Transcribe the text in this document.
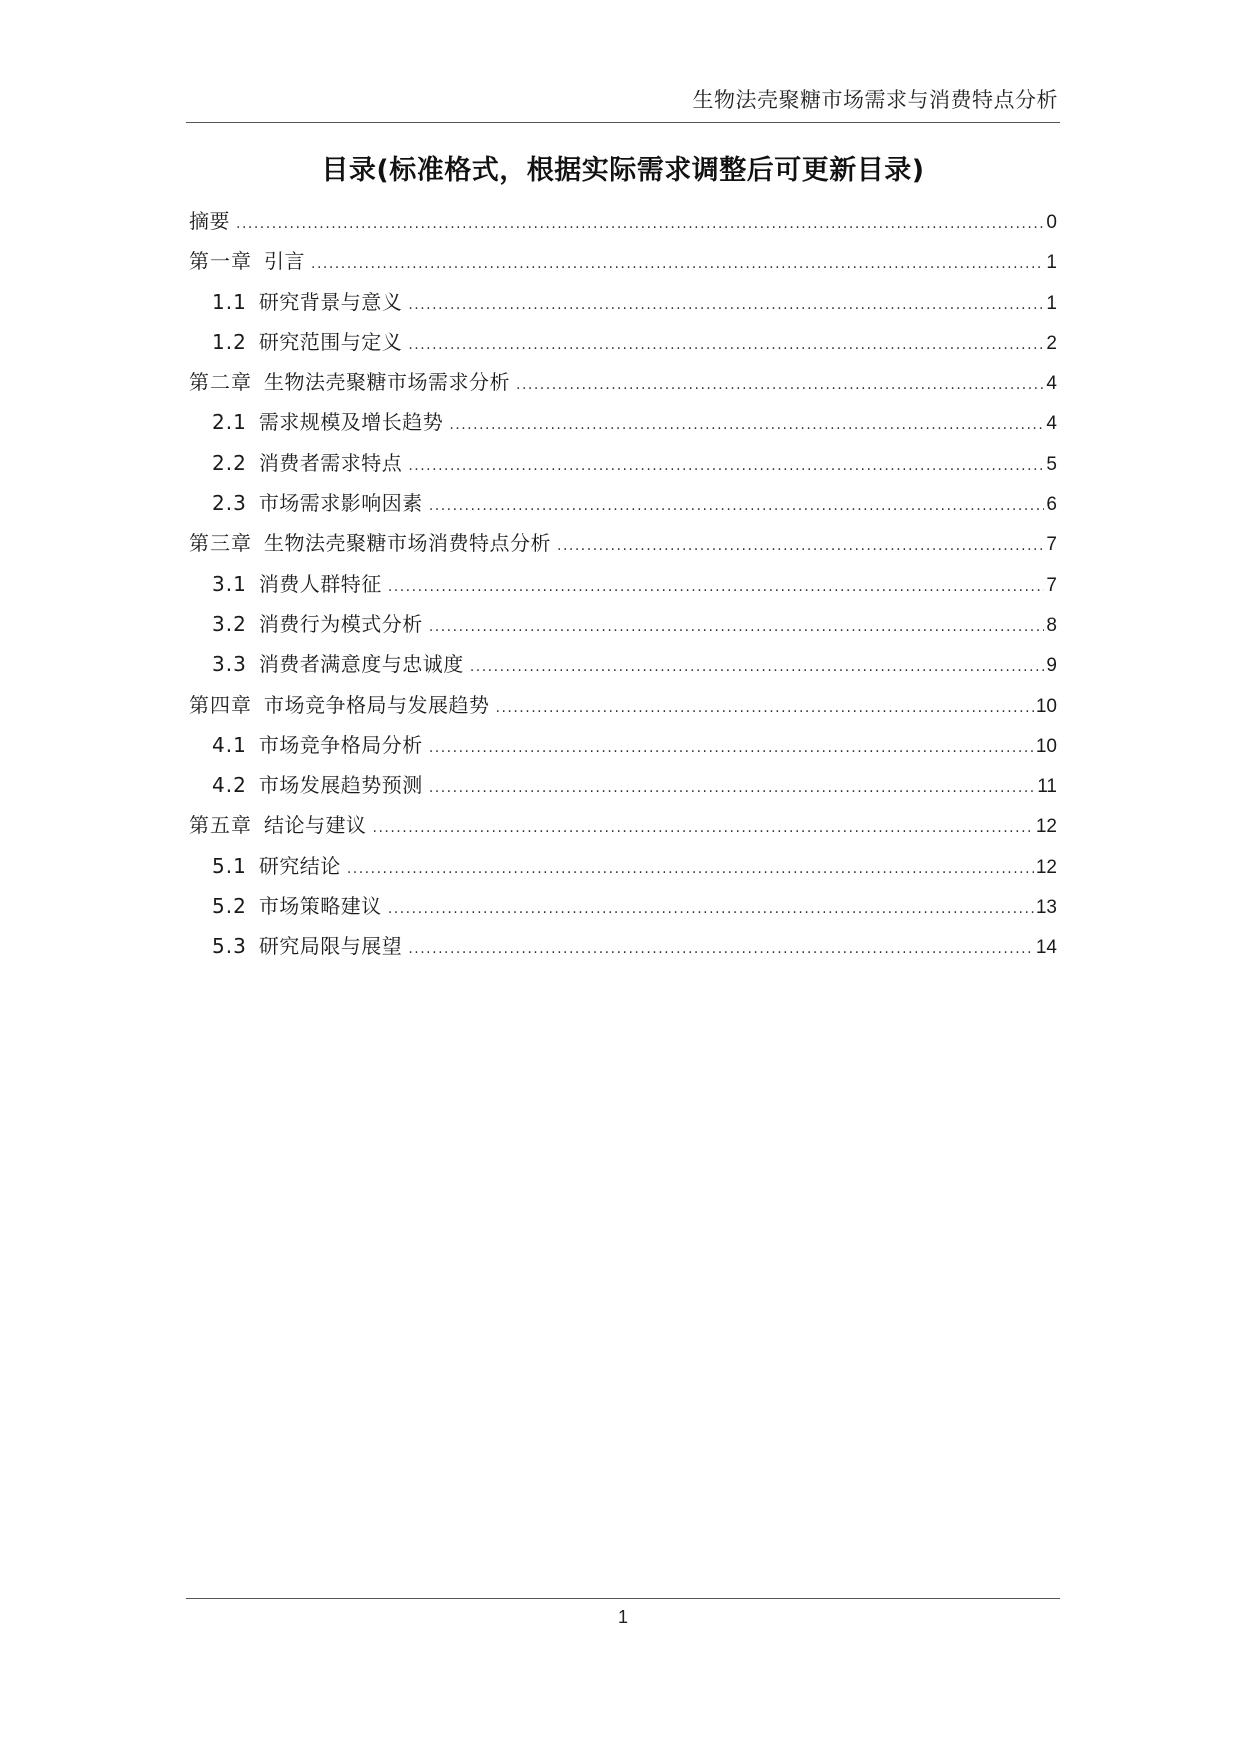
生物法壳聚糖市场需求与消费特点分析
目录(标准格式，根据实际需求调整后可更新目录)
摘要 .....	0
第一章 引言 .....	1
1.1 研究背景与意义 .....	1
1.2 研究范围与定义 .....	2
第二章 生物法壳聚糖市场需求分析 .....	4
2.1 需求规模及增长趋势 .....	4
2.2 消费者需求特点 .....	5
2.3 市场需求影响因素 .....	6
第三章 生物法壳聚糖市场消费特点分析 .....	7
3.1 消费人群特征 .....	7
3.2 消费行为模式分析 .....	8
3.3 消费者满意度与忠诚度 .....	9
第四章 市场竞争格局与发展趋势 .....	10
4.1 市场竞争格局分析 .....	10
4.2 市场发展趋势预测 .....	11
第五章 结论与建议 .....	12
5.1 研究结论 .....	12
5.2 市场策略建议 .....	13
5.3 研究局限与展望 .....	14
1
